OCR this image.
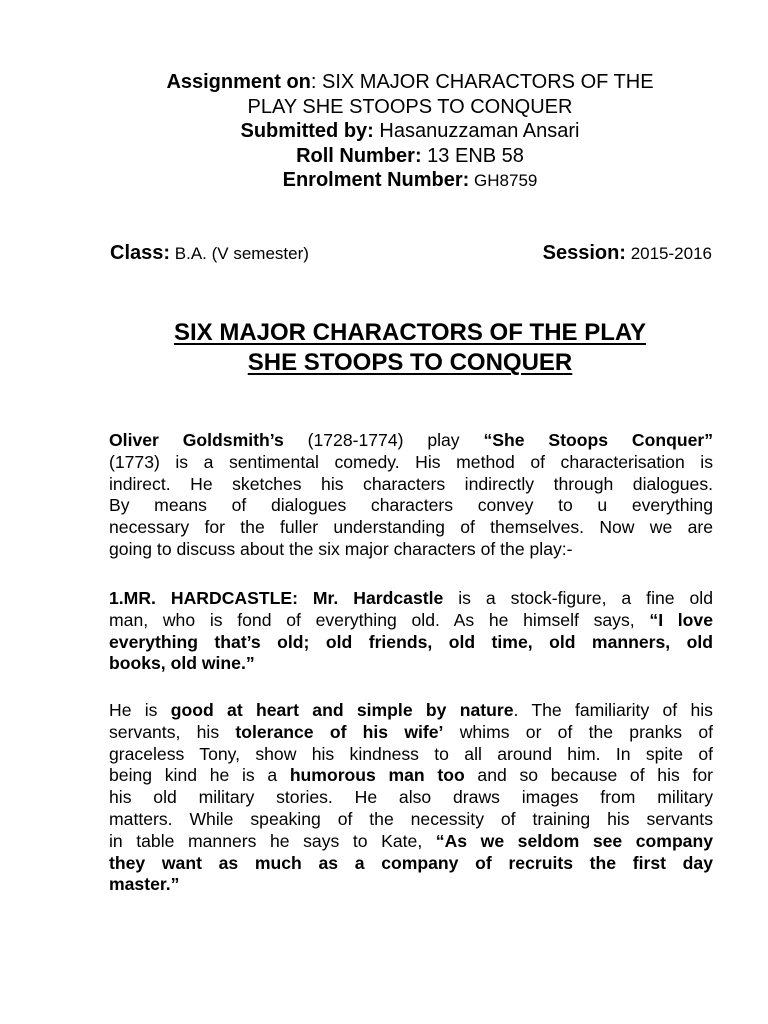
Assignment on: SIX MAJOR CHARACTORS OF THE
PLAY SHE STOOPS TO CONQUER
Submitted by: Hasanuzzaman Ansari
Roll Number: 13 ENB 58
Enrolment Number: GH8759
Class: B.A. (V semester)	Session: 2015-2016
SIX MAJOR CHARACTORS OF THE PLAY
SHE STOOPS TO CONQUER
Oliver Goldsmith’s (1728-1774) play “She Stoops Conquer”
(1773) is a sentimental comedy. His method of characterisation is
indirect. He sketches his characters indirectly through dialogues.
By means of dialogues characters convey to u everything
necessary for the fuller understanding of themselves. Now we are
going to discuss about the six major characters of the play:-
1.MR. HARDCASTLE: Mr. Hardcastle is a stock-figure, a fine old
man, who is fond of everything old. As he himself says, “I love
everything that’s old; old friends, old time, old manners, old
books, old wine.”
He is good at heart and simple by nature. The familiarity of his
servants, his tolerance of his wife’ whims or of the pranks of
graceless Tony, show his kindness to all around him. In spite of
being kind he is a humorous man too and so because of his for
his old military stories. He also draws images from military
matters. While speaking of the necessity of training his servants
in table manners he says to Kate, “As we seldom see company
they want as much as a company of recruits the first day
master.”
